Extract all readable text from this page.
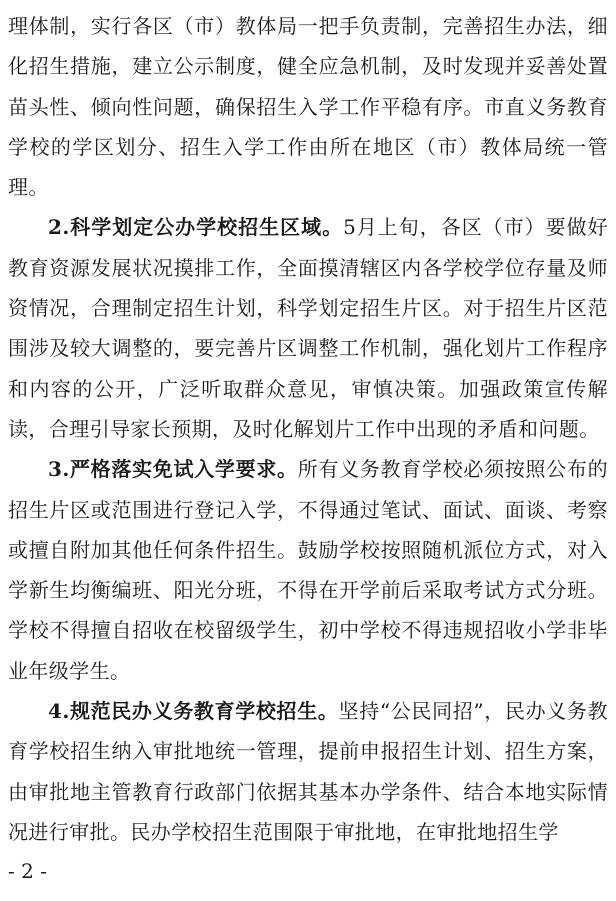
理体制，实行各区（市）教体局一把手负责制，完善招生办法，细化招生措施，建立公示制度，健全应急机制，及时发现并妥善处置苗头性、倾向性问题，确保招生入学工作平稳有序。市直义务教育学校的学区划分、招生入学工作由所在地区（市）教体局统一管理。

2.科学划定公办学校招生区域。5月上旬，各区（市）要做好教育资源发展状况摸排工作，全面摸清辖区内各学校学位存量及师资情况，合理制定招生计划，科学划定招生片区。对于招生片区范围涉及较大调整的，要完善片区调整工作机制，强化划片工作程序和内容的公开，广泛听取群众意见，审慎决策。加强政策宣传解读，合理引导家长预期，及时化解划片工作中出现的矛盾和问题。

3.严格落实免试入学要求。所有义务教育学校必须按照公布的招生片区或范围进行登记入学，不得通过笔试、面试、面谈、考察或擅自附加其他任何条件招生。鼓励学校按照随机派位方式，对入学新生均衡编班、阳光分班，不得在开学前后采取考试方式分班。学校不得擅自招收在校留级学生，初中学校不得违规招收小学非毕业年级学生。

4.规范民办义务教育学校招生。坚持“公民同招”，民办义务教育学校招生纳入审批地统一管理，提前申报招生计划、招生方案，由审批地主管教育行政部门依据其基本办学条件、结合本地实际情况进行审批。民办学校招生范围限于审批地，在审批地招生学

- 2 -
